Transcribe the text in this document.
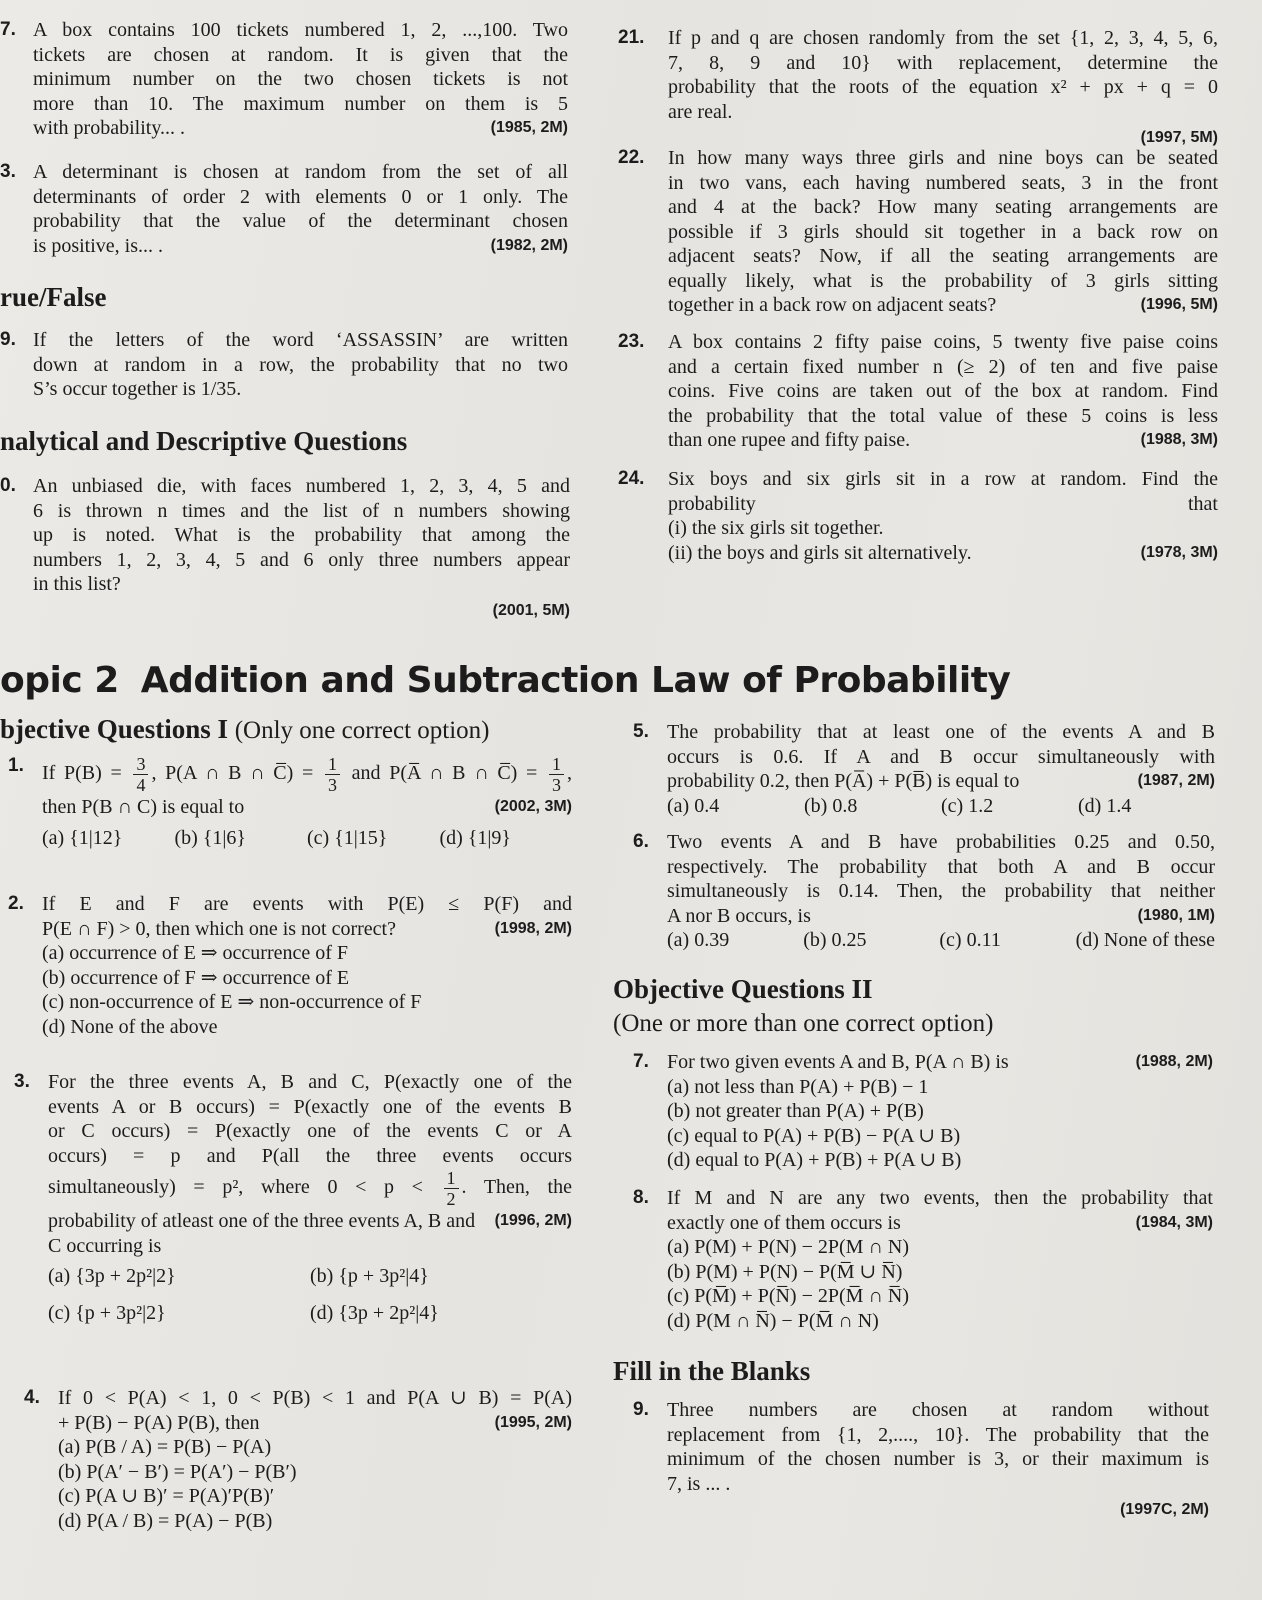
rue/False
nalytical and Descriptive Questions
opic 2 Addition and Subtraction Law of Probability
bjective Questions I (Only one correct option)
Objective Questions II
(One or more than one correct option)
Fill in the Blanks
7. A box contains 100 tickets numbered 1, 2, ...,100. Two
tickets are chosen at random. It is given that the
minimum number on the two chosen tickets is not
more than 10. The maximum number on them is 5
with probability... .	(1985, 2M)
3. A determinant is chosen at random from the set of all
determinants of order 2 with elements 0 or 1 only. The
probability that the value of the determinant chosen
is positive, is... .	(1982, 2M)
9. If the letters of the word ‘ASSASSIN’ are written
down at random in a row, the probability that no two
S’s occur together is 1/35.
0. An unbiased die, with faces numbered 1, 2, 3, 4, 5 and
6 is thrown n times and the list of n numbers showing
up is noted. What is the probability that among the
numbers 1, 2, 3, 4, 5 and 6 only three numbers appear
in this list?
(2001, 5M)
21. If p and q are chosen randomly from the set {1, 2, 3, 4, 5, 6,
7, 8, 9 and 10} with replacement, determine the
probability that the roots of the equation x² + px + q = 0
are real.
(1997, 5M)
22. In how many ways three girls and nine boys can be seated
in two vans, each having numbered seats, 3 in the front
and 4 at the back? How many seating arrangements are
possible if 3 girls should sit together in a back row on
adjacent seats? Now, if all the seating arrangements are
equally likely, what is the probability of 3 girls sitting
together in a back row on adjacent seats?	(1996, 5M)
23. A box contains 2 fifty paise coins, 5 twenty five paise coins
and a certain fixed number n (≥ 2) of ten and five paise
coins. Five coins are taken out of the box at random. Find
the probability that the total value of these 5 coins is less
than one rupee and fifty paise.	(1988, 3M)
24. Six boys and six girls sit in a row at random. Find the
probability that
(i) the six girls sit together.
(ii) the boys and girls sit alternatively.	(1978, 3M)
1. If $P(B) = \frac{3}{4}$ , P(A ∩ B ∩ C̅) = $\frac{1}{3}$ and P(A̅ ∩ B ∩ C̅) = $\frac{1}{3}$ ,
then P(B ∩ C) is equal to	(2002, 3M)
(a) {1|12}	(b) {1|6}	(c) {1|15}	(d) {1|9}
2. If E and F are events with P(E) ≤ P(F) and
P(E ∩ F) > 0, then which one is not correct?	(1998, 2M)
(a) occurrence of E ⇒ occurrence of F
(b) occurrence of F ⇒ occurrence of E
(c) non-occurrence of E ⇒ non-occurrence of F
(d) None of the above
3. For the three events A, B and C, P(exactly one of the
events A or B occurs) = P(exactly one of the events B
or C occurs) = P(exactly one of the events C or A
occurs) = p and P(all the three events occurs
simultaneously) = p², where $0 < p < \frac{1}{2}$ . Then, the
probability of atleast one of the three events A, B and (1996, 2M)
C occurring is
(a) {3p + 2p²|2}	(b) {p + 3p²|4}
(c) {p + 3p²|2}	(d) {3p + 2p²|4}
4. If 0 < P(A) < 1, 0 < P(B) < 1 and P(A ∪ B) = P(A)
+ P(B) − P(A) P(B), then	(1995, 2M)
(a) P(B / A) = P(B) − P(A)
(b) P(A′ − B′) = P(A′) − P(B′)
(c) P(A ∪ B)′ = P(A)′P(B)′
(d) P(A / B) = P(A) − P(B)
5. The probability that at least one of the events A and B
occurs is 0.6. If A and B occur simultaneously with
probability 0.2, then P(A̅) + P(B̅) is equal to	(1987, 2M)
(a) 0.4	(b) 0.8	(c) 1.2	(d) 1.4
6. Two events A and B have probabilities 0.25 and 0.50,
respectively. The probability that both A and B occur
simultaneously is 0.14. Then, the probability that neither
A nor B occurs, is	(1980, 1M)
(a) 0.39	(b) 0.25	(c) 0.11	(d) None of these
7. For two given events A and B, P(A ∩ B) is	(1988, 2M)
(a) not less than P(A) + P(B) − 1
(b) not greater than P(A) + P(B)
(c) equal to P(A) + P(B) − P(A ∪ B)
(d) equal to P(A) + P(B) + P(A ∪ B)
8. If M and N are any two events, then the probability that
exactly one of them occurs is	(1984, 3M)
(a) P(M) + P(N) − 2P(M ∩ N)
(b) P(M) + P(N) − P(M̅ ∪ N̅)
(c) P(M̅) + P(N̅) − 2P(M̅ ∩ N̅)
(d) P(M ∩ N̅) − P(M̅ ∩ N)
9. Three numbers are chosen at random without
replacement from {1, 2,...., 10}. The probability that the
minimum of the chosen number is 3, or their maximum is
7, is ... .
(1997C, 2M)
